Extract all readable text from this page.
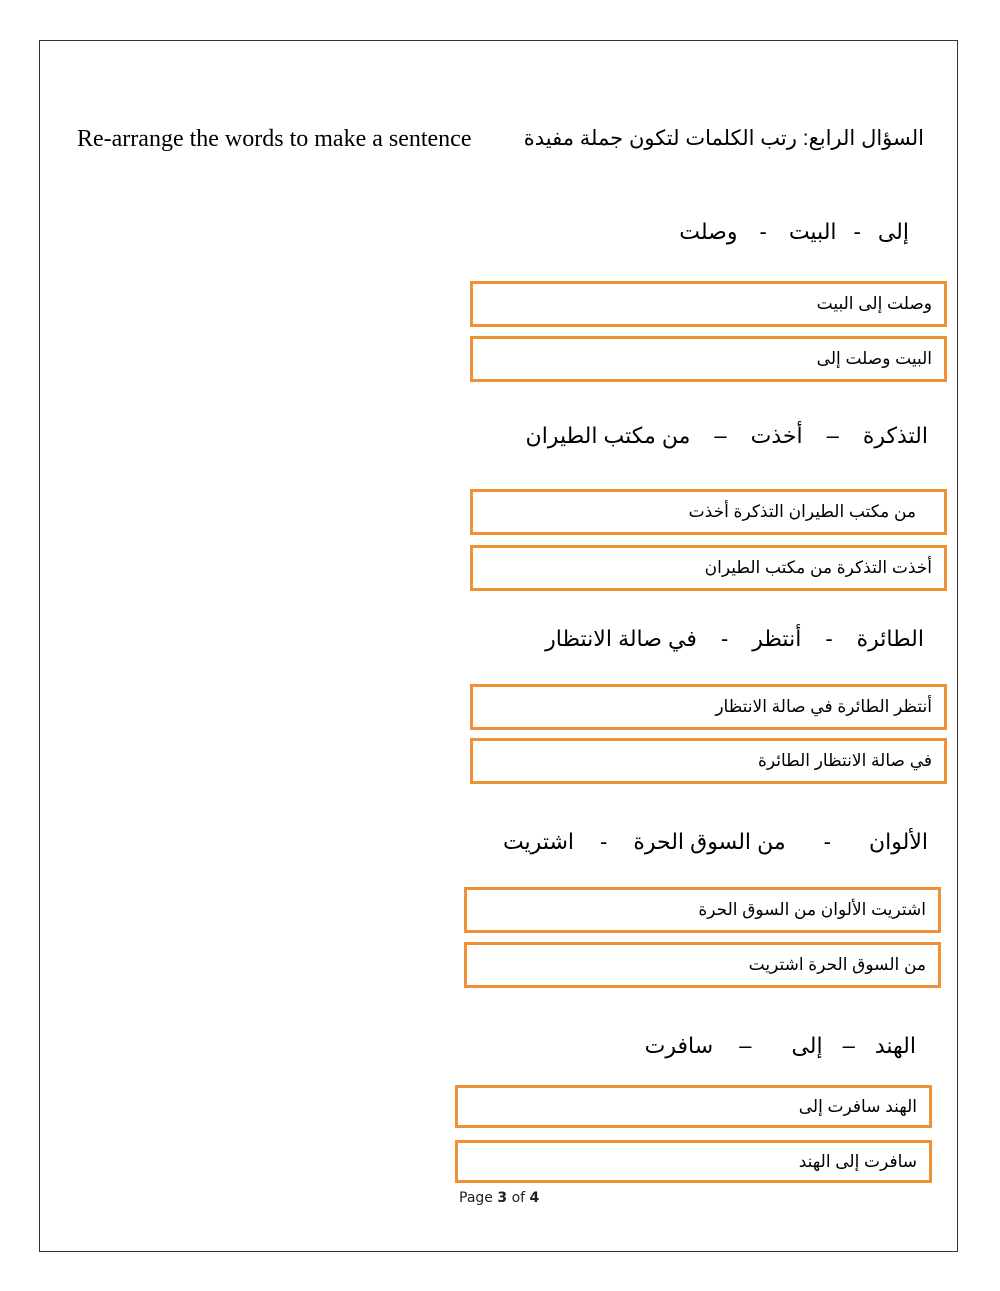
Re-arrange the words to make a sentence السؤال الرابع: رتب الكلمات لتكون جملة مفيدة
إلى
-
البيت
-
وصلت
وصلت إلى البيت
البيت وصلت إلى
التذكرة
–
أخذت
–
من مكتب الطيران
من مكتب الطيران التذكرة أخذت
أخذت التذكرة من مكتب الطيران
الطائرة
-
أنتظر
-
في صالة الانتظار
أنتظر الطائرة في صالة الانتظار
في صالة الانتظار الطائرة
الألوان
-
من السوق الحرة
-
اشتريت
اشتريت الألوان من السوق الحرة
من السوق الحرة اشتريت
الهند
–
إلى
–
سافرت
الهند سافرت إلى
سافرت إلى الهند
Page 3 of 4
